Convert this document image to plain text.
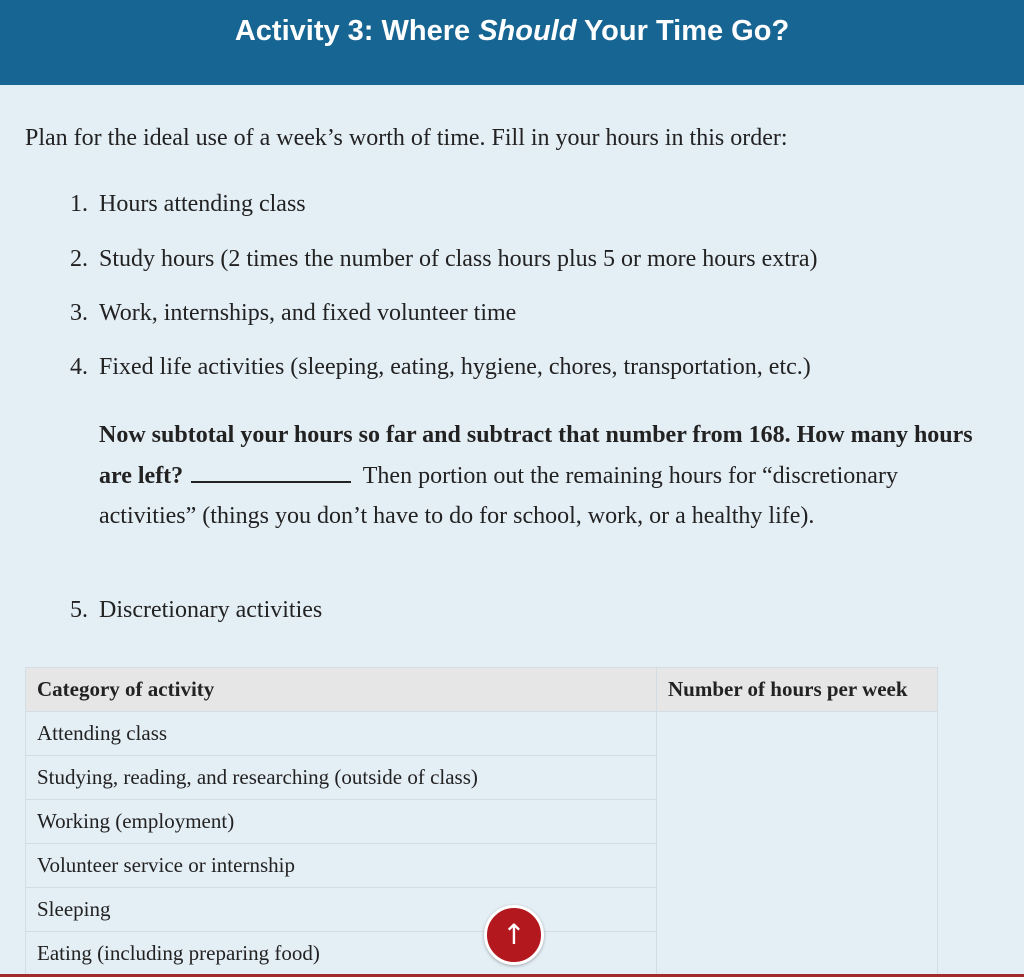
Activity 3: Where Should Your Time Go?

Plan for the ideal use of a week’s worth of time. Fill in your hours in this order:

1. Hours attending class
2. Study hours (2 times the number of class hours plus 5 or more hours extra)
3. Work, internships, and fixed volunteer time
4. Fixed life activities (sleeping, eating, hygiene, chores, transportation, etc.)
5. Discretionary activities

Now subtotal your hours so far and subtract that number from 168. How many hours are left?	Then portion out the remaining hours for “discretionary activities” (things you don’t have to do for school, work, or a healthy life).

Category of activity	Number of hours per week
Attending class	
Studying, reading, and researching (outside of class)	
Working (employment)	
Volunteer service or internship	
Sleeping	
Eating (including preparing food)	
↑
